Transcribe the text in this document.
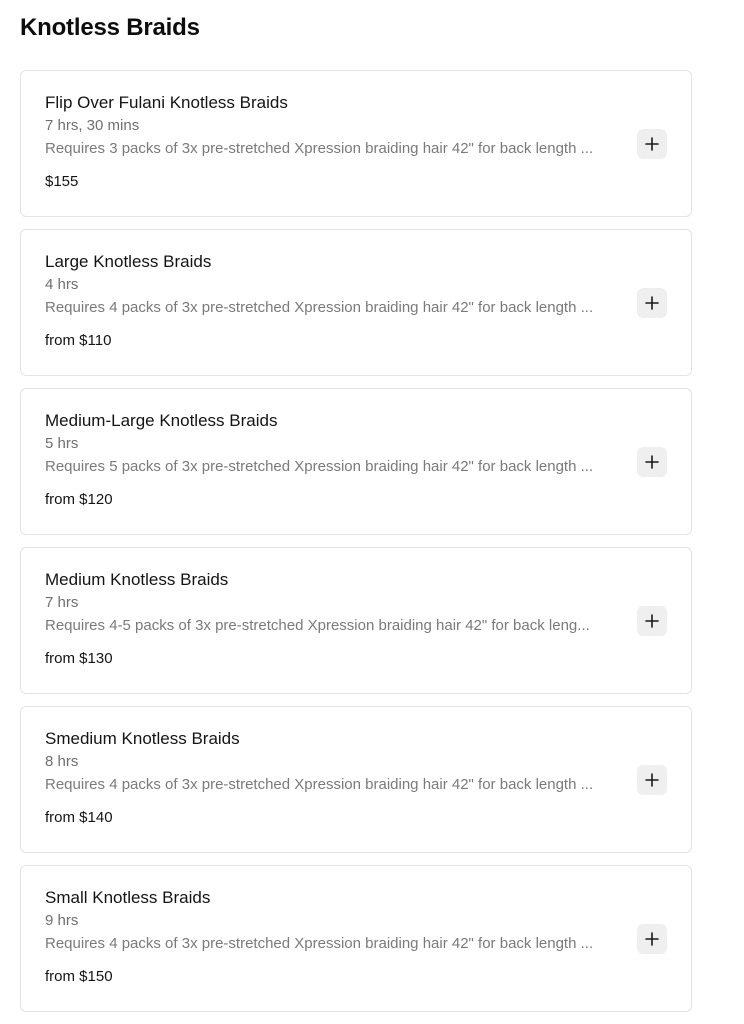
Knotless Braids
Flip Over Fulani Knotless Braids
7 hrs, 30 mins
Requires 3 packs of 3x pre-stretched Xpression braiding hair 42" for back length ...
$155
Large Knotless Braids
4 hrs
Requires 4 packs of 3x pre-stretched Xpression braiding hair 42" for back length ...
from $110
Medium-Large Knotless Braids
5 hrs
Requires 5 packs of 3x pre-stretched Xpression braiding hair 42" for back length ...
from $120
Medium Knotless Braids
7 hrs
Requires 4-5 packs of 3x pre-stretched Xpression braiding hair 42" for back leng...
from $130
Smedium Knotless Braids
8 hrs
Requires 4 packs of 3x pre-stretched Xpression braiding hair 42" for back length ...
from $140
Small Knotless Braids
9 hrs
Requires 4 packs of 3x pre-stretched Xpression braiding hair 42" for back length ...
from $150
